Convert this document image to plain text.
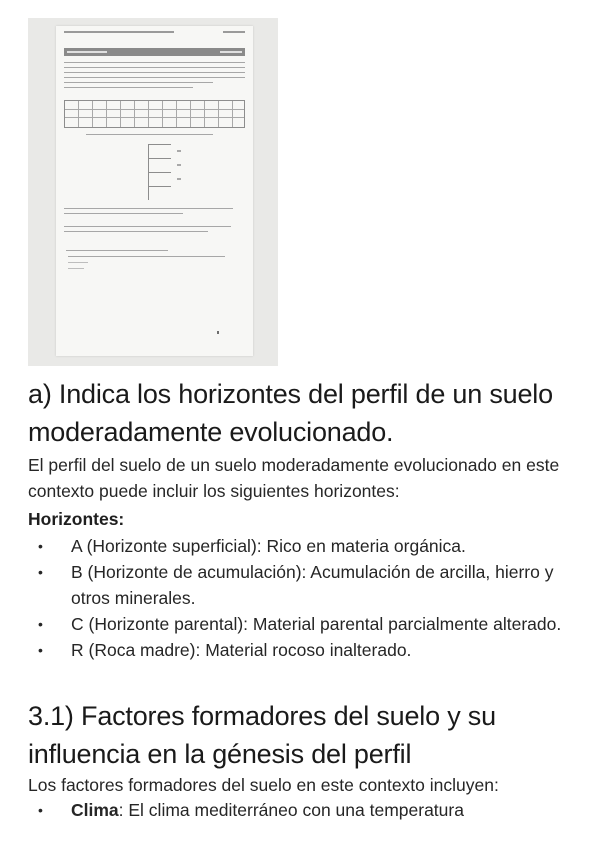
a) Indica los horizontes del perfil de un suelo moderadamente evolucionado.

El perfil del suelo de un suelo moderadamente evolucionado en este contexto puede incluir los siguientes horizontes:

Horizontes:

• A (Horizonte superficial): Rico en materia orgánica.
• B (Horizonte de acumulación): Acumulación de arcilla, hierro y otros minerales.
• C (Horizonte parental): Material parental parcialmente alterado.
• R (Roca madre): Material rocoso inalterado.
3.1) Factores formadores del suelo y su influencia en la génesis del perfil

Los factores formadores del suelo en este contexto incluyen:

• Clima: El clima mediterráneo con una temperatura
